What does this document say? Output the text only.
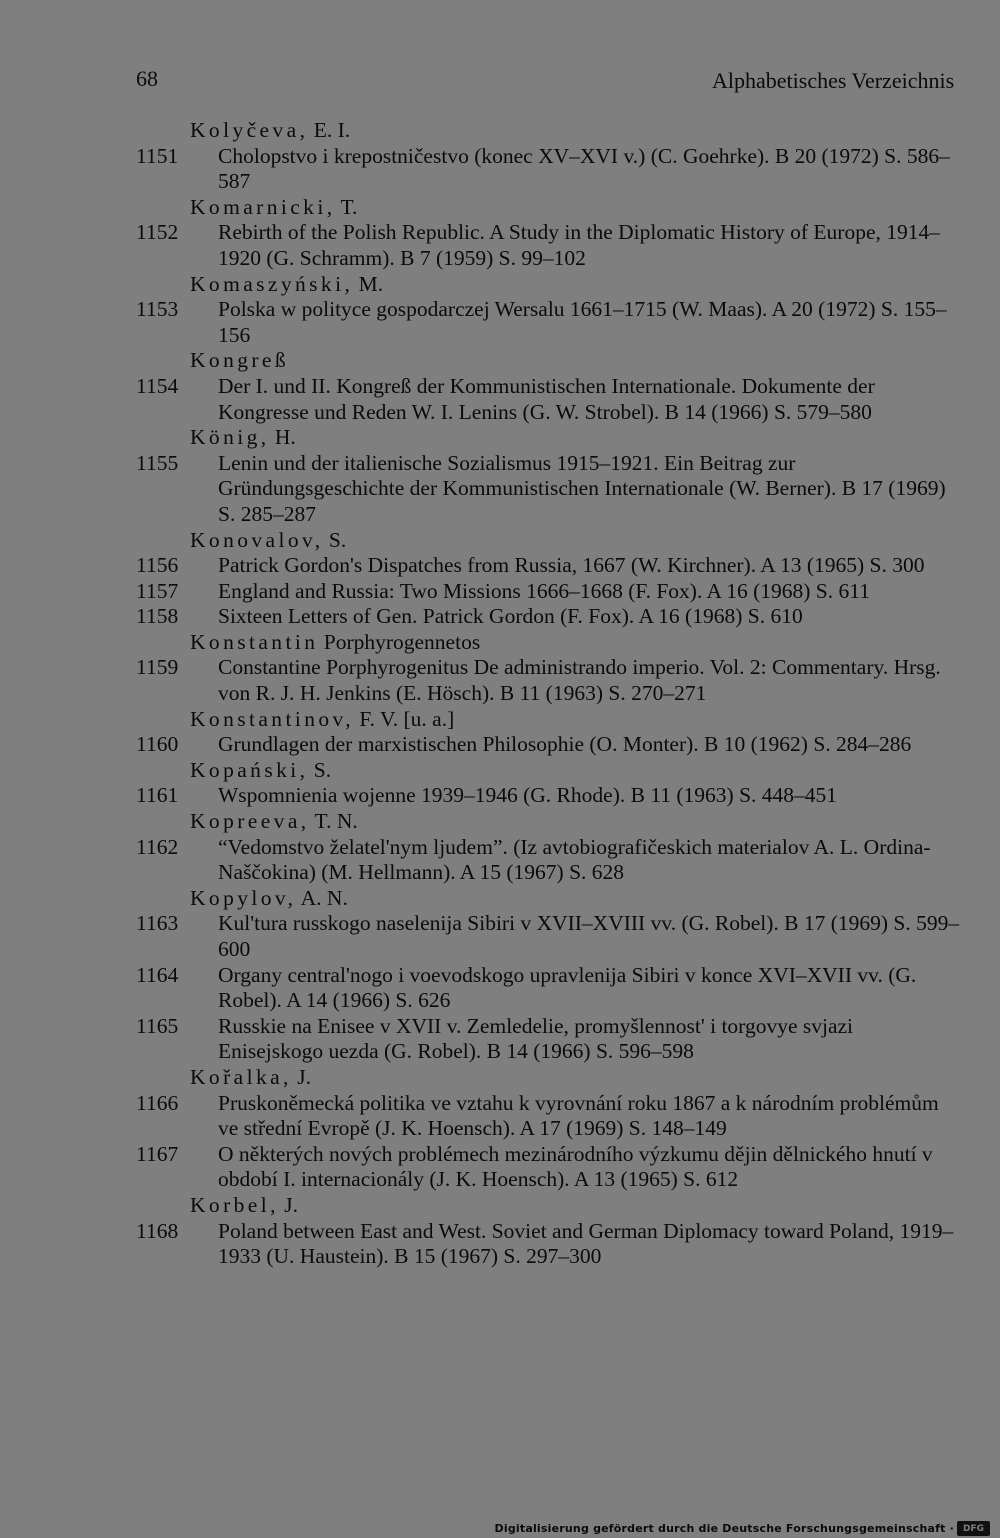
68	Alphabetisches Verzeichnis
Kolyčeva, E. I.
1151	Cholopstvo i krepostničestvo (konec XV–XVI v.) (C. Goehrke). B 20 (1972) S. 586–587
Komarnicki, T.
1152	Rebirth of the Polish Republic. A Study in the Diplomatic History of Europe, 1914–1920 (G. Schramm). B 7 (1959) S. 99–102
Komaszyński, M.
1153	Polska w polityce gospodarczej Wersalu 1661–1715 (W. Maas). A 20 (1972) S. 155–156
Kongreß
1154	Der I. und II. Kongreß der Kommunistischen Internationale. Dokumente der Kongresse und Reden W. I. Lenins (G. W. Strobel). B 14 (1966) S. 579–580
König, H.
1155	Lenin und der italienische Sozialismus 1915–1921. Ein Beitrag zur Gründungsgeschichte der Kommunistischen Internationale (W. Berner). B 17 (1969) S. 285–287
Konovalov, S.
1156	Patrick Gordon's Dispatches from Russia, 1667 (W. Kirchner). A 13 (1965) S. 300
1157	England and Russia: Two Missions 1666–1668 (F. Fox). A 16 (1968) S. 611
1158	Sixteen Letters of Gen. Patrick Gordon (F. Fox). A 16 (1968) S. 610
Konstantin Porphyrogennetos
1159	Constantine Porphyrogenitus De administrando imperio. Vol. 2: Commentary. Hrsg. von R. J. H. Jenkins (E. Hösch). B 11 (1963) S. 270–271
Konstantinov, F. V. [u. a.]
1160	Grundlagen der marxistischen Philosophie (O. Monter). B 10 (1962) S. 284–286
Kopański, S.
1161	Wspomnienia wojenne 1939–1946 (G. Rhode). B 11 (1963) S. 448–451
Kopreeva, T. N.
1162	“Vedomstvo želatel'nym ljudem”. (Iz avtobiografičeskich materialov A. L. Ordina-Naščokina) (M. Hellmann). A 15 (1967) S. 628
Kopylov, A. N.
1163	Kul'tura russkogo naselenija Sibiri v XVII–XVIII vv. (G. Robel). B 17 (1969) S. 599–600
1164	Organy central'nogo i voevodskogo upravlenija Sibiri v konce XVI–XVII vv. (G. Robel). A 14 (1966) S. 626
1165	Russkie na Enisee v XVII v. Zemledelie, promyšlennost' i torgovye svjazi Enisejskogo uezda (G. Robel). B 14 (1966) S. 596–598
Kořalka, J.
1166	Pruskoněmecká politika ve vztahu k vyrovnání roku 1867 a k národním problémům ve střední Evropě (J. K. Hoensch). A 17 (1969) S. 148–149
1167	O některých nových problémech mezinárodního výzkumu dějin dělnického hnutí v období I. internacionály (J. K. Hoensch). A 13 (1965) S. 612
Korbel, J.
1168	Poland between East and West. Soviet and German Diplomacy toward Poland, 1919–1933 (U. Haustein). B 15 (1967) S. 297–300
Digitalisierung gefördert durch die Deutsche Forschungsgemeinschaft · DFG
